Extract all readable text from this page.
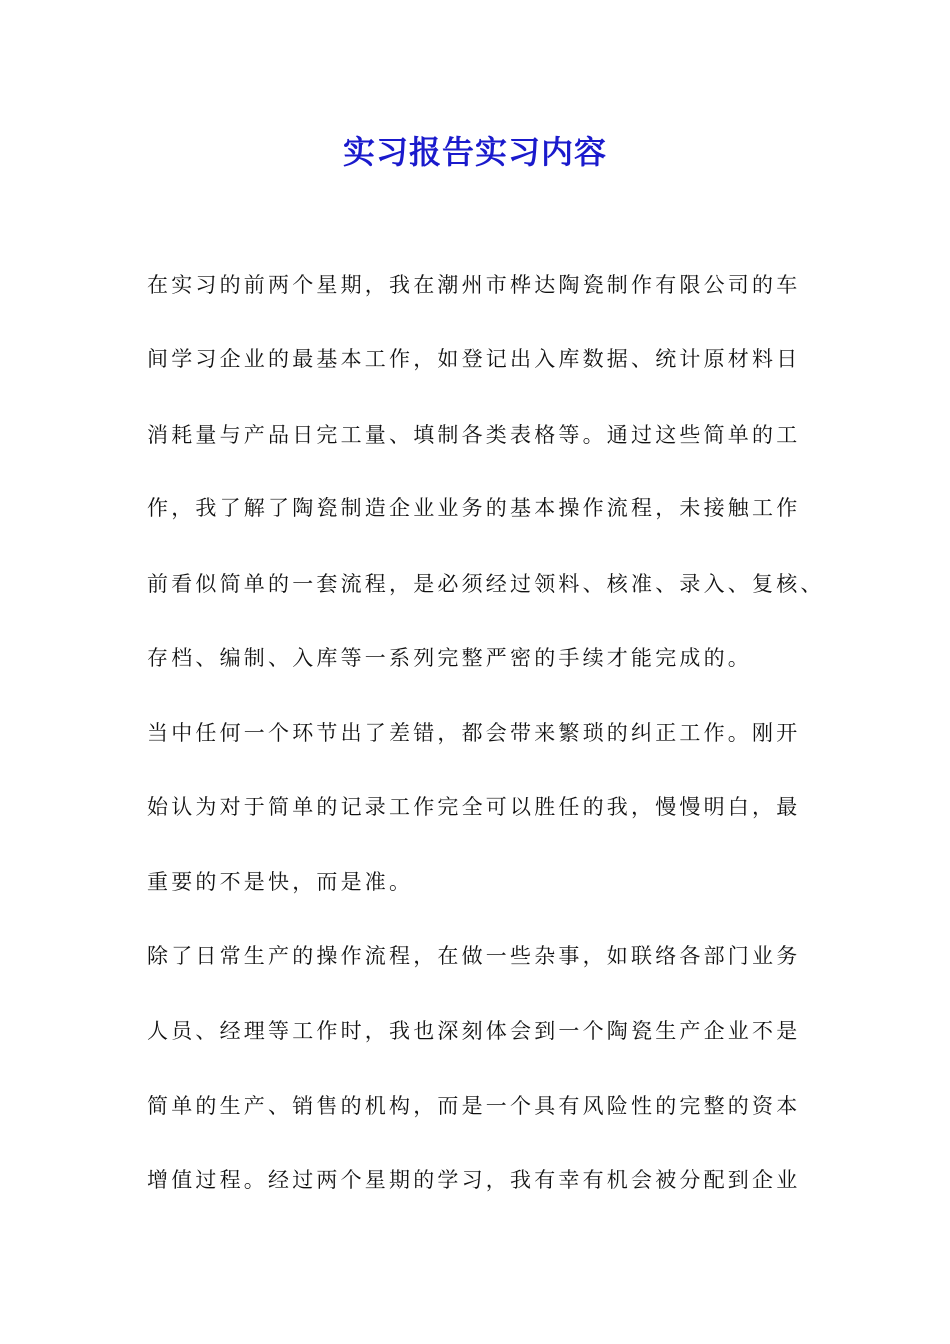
实习报告实习内容

在实习的前两个星期，我在潮州市桦达陶瓷制作有限公司的车

间学习企业的最基本工作，如登记出入库数据、统计原材料日

消耗量与产品日完工量、填制各类表格等。通过这些简单的工

作，我了解了陶瓷制造企业业务的基本操作流程，未接触工作

前看似简单的一套流程，是必须经过领料、核准、录入、复核、

存档、编制、入库等一系列完整严密的手续才能完成的。

当中任何一个环节出了差错，都会带来繁琐的纠正工作。刚开

始认为对于简单的记录工作完全可以胜任的我，慢慢明白，最

重要的不是快，而是准。

除了日常生产的操作流程，在做一些杂事，如联络各部门业务

人员、经理等工作时，我也深刻体会到一个陶瓷生产企业不是

简单的生产、销售的机构，而是一个具有风险性的完整的资本

增值过程。经过两个星期的学习，我有幸有机会被分配到企业
